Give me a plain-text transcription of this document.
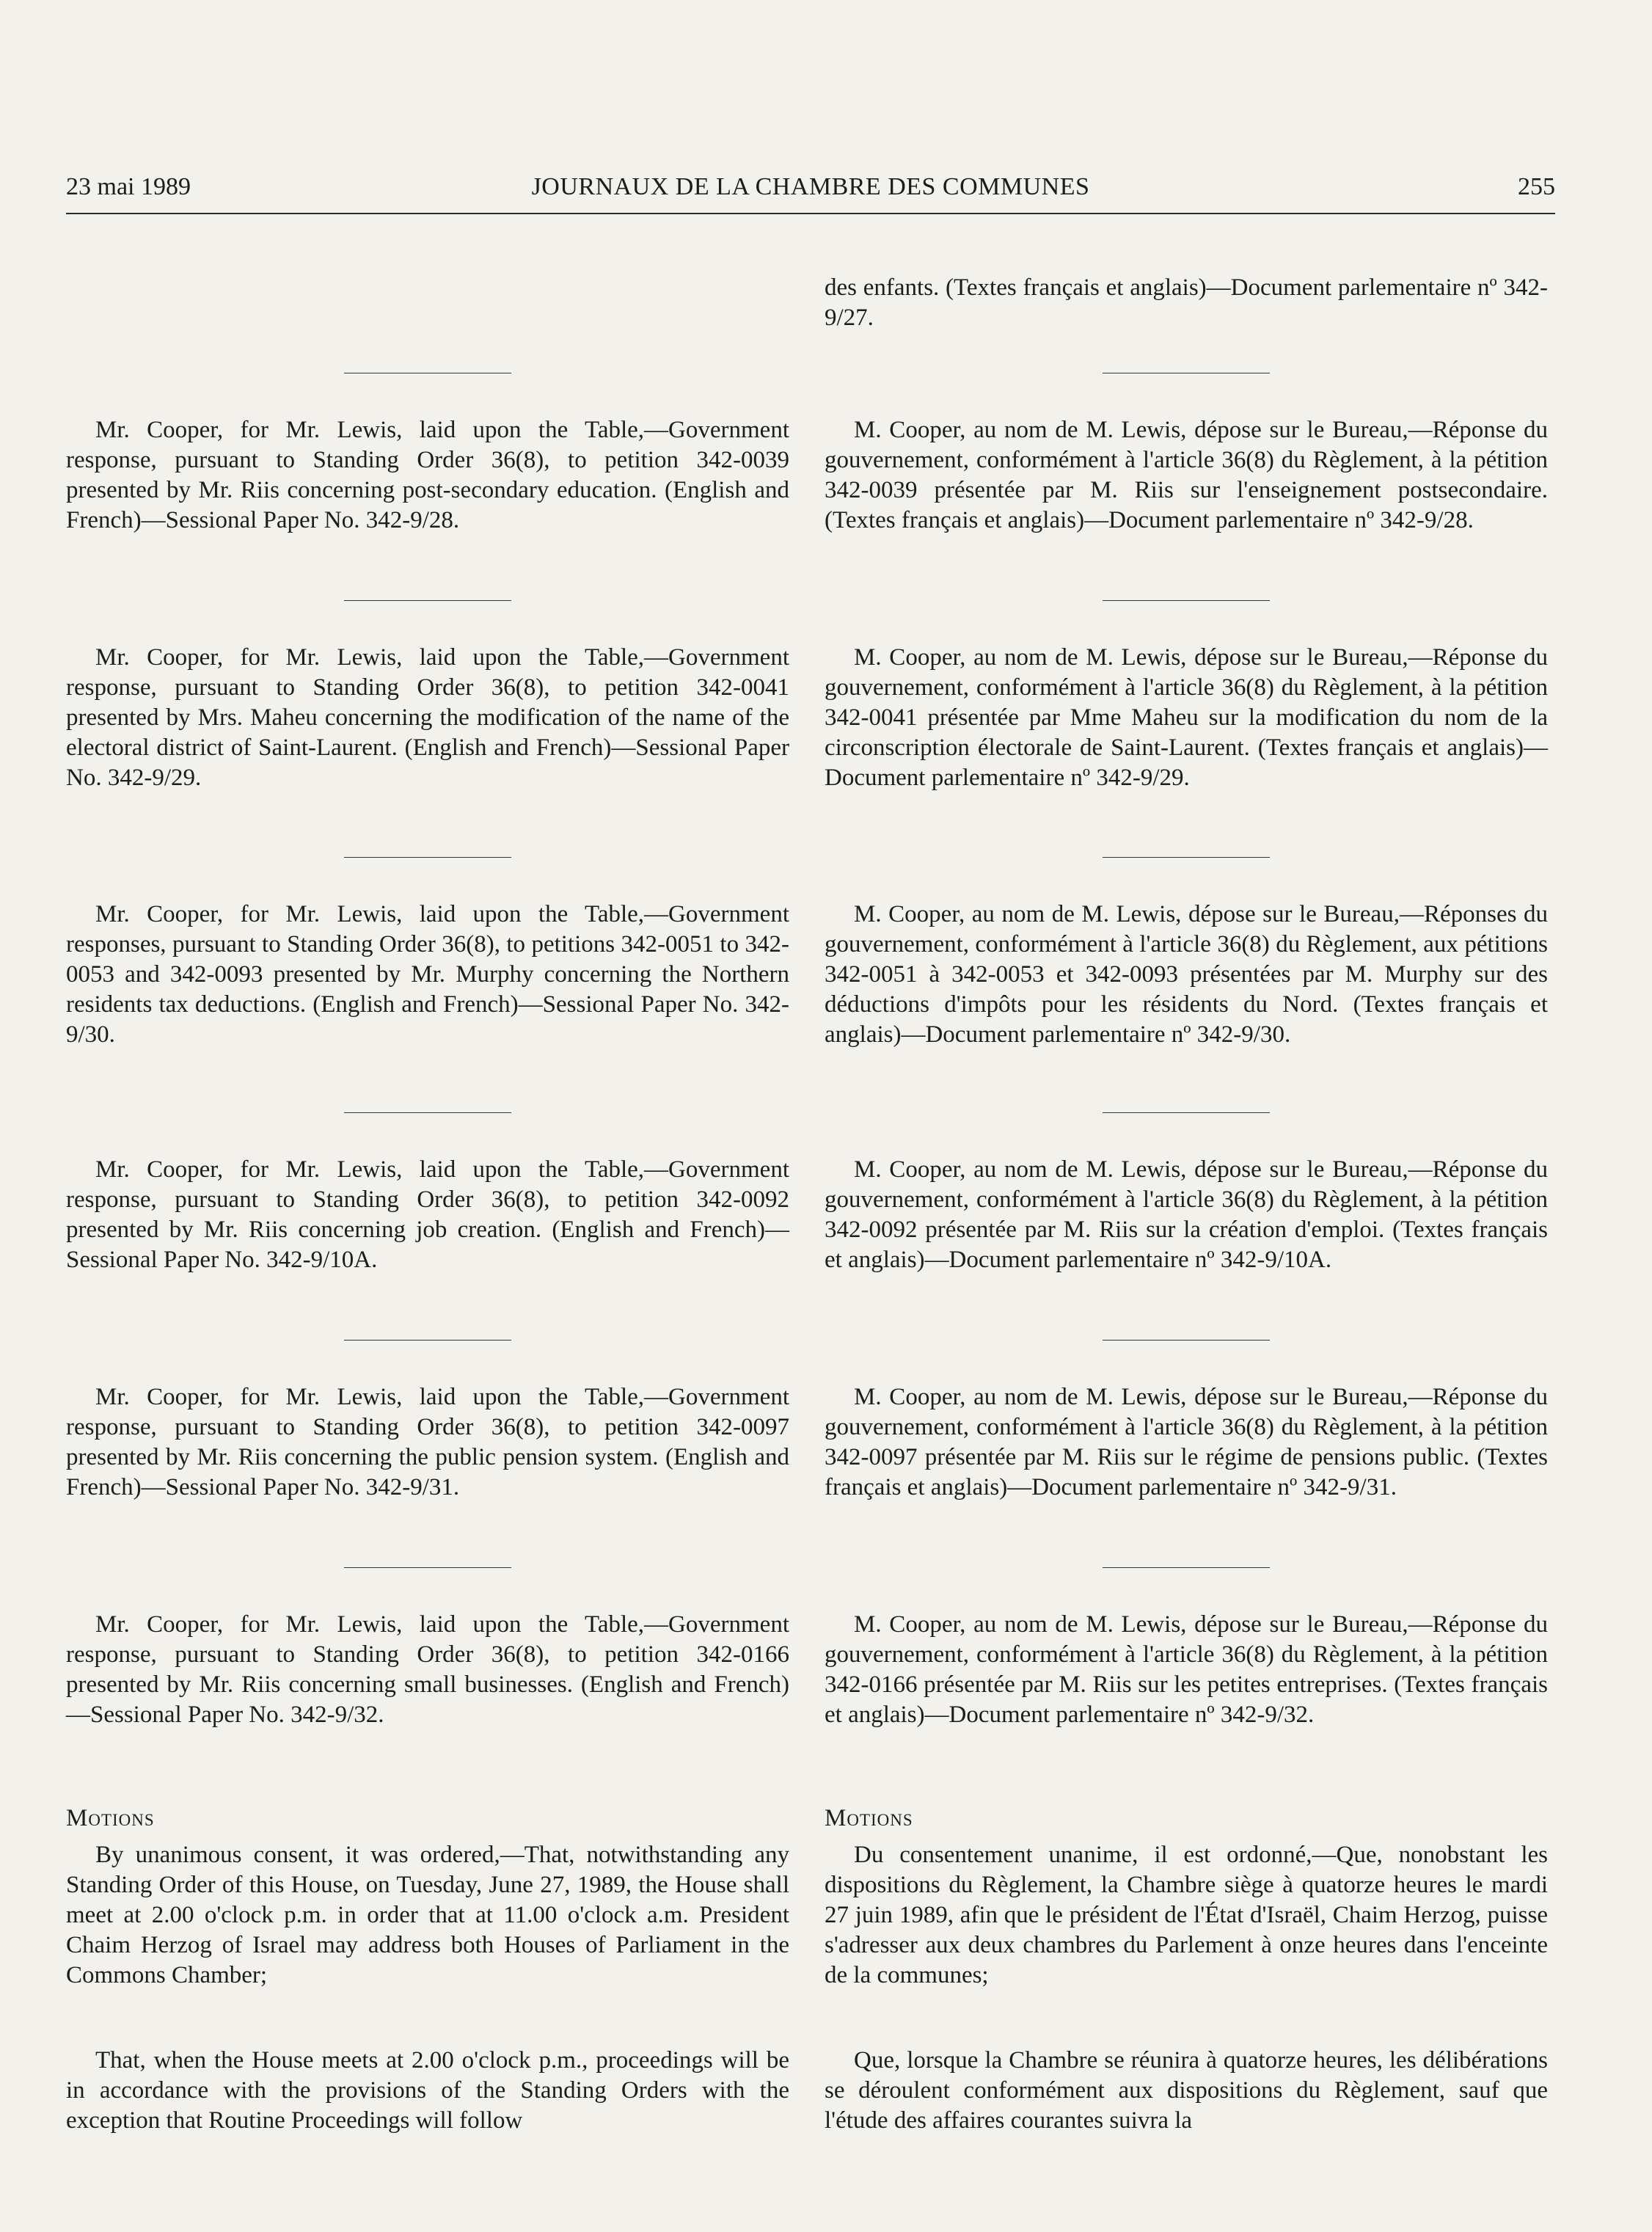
23 mai 1989	JOURNAUX DE LA CHAMBRE DES COMMUNES	255

Mr. Cooper, for Mr. Lewis, laid upon the Table,—Government response, pursuant to Standing Order 36(8), to petition 342-0039 presented by Mr. Riis concerning post-secondary education. (English and French)—Sessional Paper No. 342-9/28.

Mr. Cooper, for Mr. Lewis, laid upon the Table,—Government response, pursuant to Standing Order 36(8), to petition 342-0041 presented by Mrs. Maheu concerning the modification of the name of the electoral district of Saint-Laurent. (English and French)—Sessional Paper No. 342-9/29.

Mr. Cooper, for Mr. Lewis, laid upon the Table,—Government responses, pursuant to Standing Order 36(8), to petitions 342-0051 to 342-0053 and 342-0093 presented by Mr. Murphy concerning the Northern residents tax deductions. (English and French)—Sessional Paper No. 342-9/30.

Mr. Cooper, for Mr. Lewis, laid upon the Table,—Government response, pursuant to Standing Order 36(8), to petition 342-0092 presented by Mr. Riis concerning job creation. (English and French)—Sessional Paper No. 342-9/10A.

Mr. Cooper, for Mr. Lewis, laid upon the Table,—Government response, pursuant to Standing Order 36(8), to petition 342-0097 presented by Mr. Riis concerning the public pension system. (English and French)—Sessional Paper No. 342-9/31.

Mr. Cooper, for Mr. Lewis, laid upon the Table,—Government response, pursuant to Standing Order 36(8), to petition 342-0166 presented by Mr. Riis concerning small businesses. (English and French)—Sessional Paper No. 342-9/32.

Motions

By unanimous consent, it was ordered,—That, notwithstanding any Standing Order of this House, on Tuesday, June 27, 1989, the House shall meet at 2.00 o'clock p.m. in order that at 11.00 o'clock a.m. President Chaim Herzog of Israel may address both Houses of Parliament in the Commons Chamber;

That, when the House meets at 2.00 o'clock p.m., proceedings will be in accordance with the provisions of the Standing Orders with the exception that Routine Proceedings will follow

des enfants. (Textes français et anglais)—Document parlementaire nº 342-9/27.

M. Cooper, au nom de M. Lewis, dépose sur le Bureau,—Réponse du gouvernement, conformément à l'article 36(8) du Règlement, à la pétition 342-0039 présentée par M. Riis sur l'enseignement postsecondaire. (Textes français et anglais)—Document parlementaire nº 342-9/28.

M. Cooper, au nom de M. Lewis, dépose sur le Bureau,—Réponse du gouvernement, conformément à l'article 36(8) du Règlement, à la pétition 342-0041 présentée par Mme Maheu sur la modification du nom de la circonscription électorale de Saint-Laurent. (Textes français et anglais)—Document parlementaire nº 342-9/29.

M. Cooper, au nom de M. Lewis, dépose sur le Bureau,—Réponses du gouvernement, conformément à l'article 36(8) du Règlement, aux pétitions 342-0051 à 342-0053 et 342-0093 présentées par M. Murphy sur des déductions d'impôts pour les résidents du Nord. (Textes français et anglais)—Document parlementaire nº 342-9/30.

M. Cooper, au nom de M. Lewis, dépose sur le Bureau,—Réponse du gouvernement, conformément à l'article 36(8) du Règlement, à la pétition 342-0092 présentée par M. Riis sur la création d'emploi. (Textes français et anglais)—Document parlementaire nº 342-9/10A.

M. Cooper, au nom de M. Lewis, dépose sur le Bureau,—Réponse du gouvernement, conformément à l'article 36(8) du Règlement, à la pétition 342-0097 présentée par M. Riis sur le régime de pensions public. (Textes français et anglais)—Document parlementaire nº 342-9/31.

M. Cooper, au nom de M. Lewis, dépose sur le Bureau,—Réponse du gouvernement, conformément à l'article 36(8) du Règlement, à la pétition 342-0166 présentée par M. Riis sur les petites entreprises. (Textes français et anglais)—Document parlementaire nº 342-9/32.

Motions

Du consentement unanime, il est ordonné,—Que, nonobstant les dispositions du Règlement, la Chambre siège à quatorze heures le mardi 27 juin 1989, afin que le président de l'État d'Israël, Chaim Herzog, puisse s'adresser aux deux chambres du Parlement à onze heures dans l'enceinte de la communes;

Que, lorsque la Chambre se réunira à quatorze heures, les délibérations se déroulent conformément aux dispositions du Règlement, sauf que l'étude des affaires courantes suivra la
